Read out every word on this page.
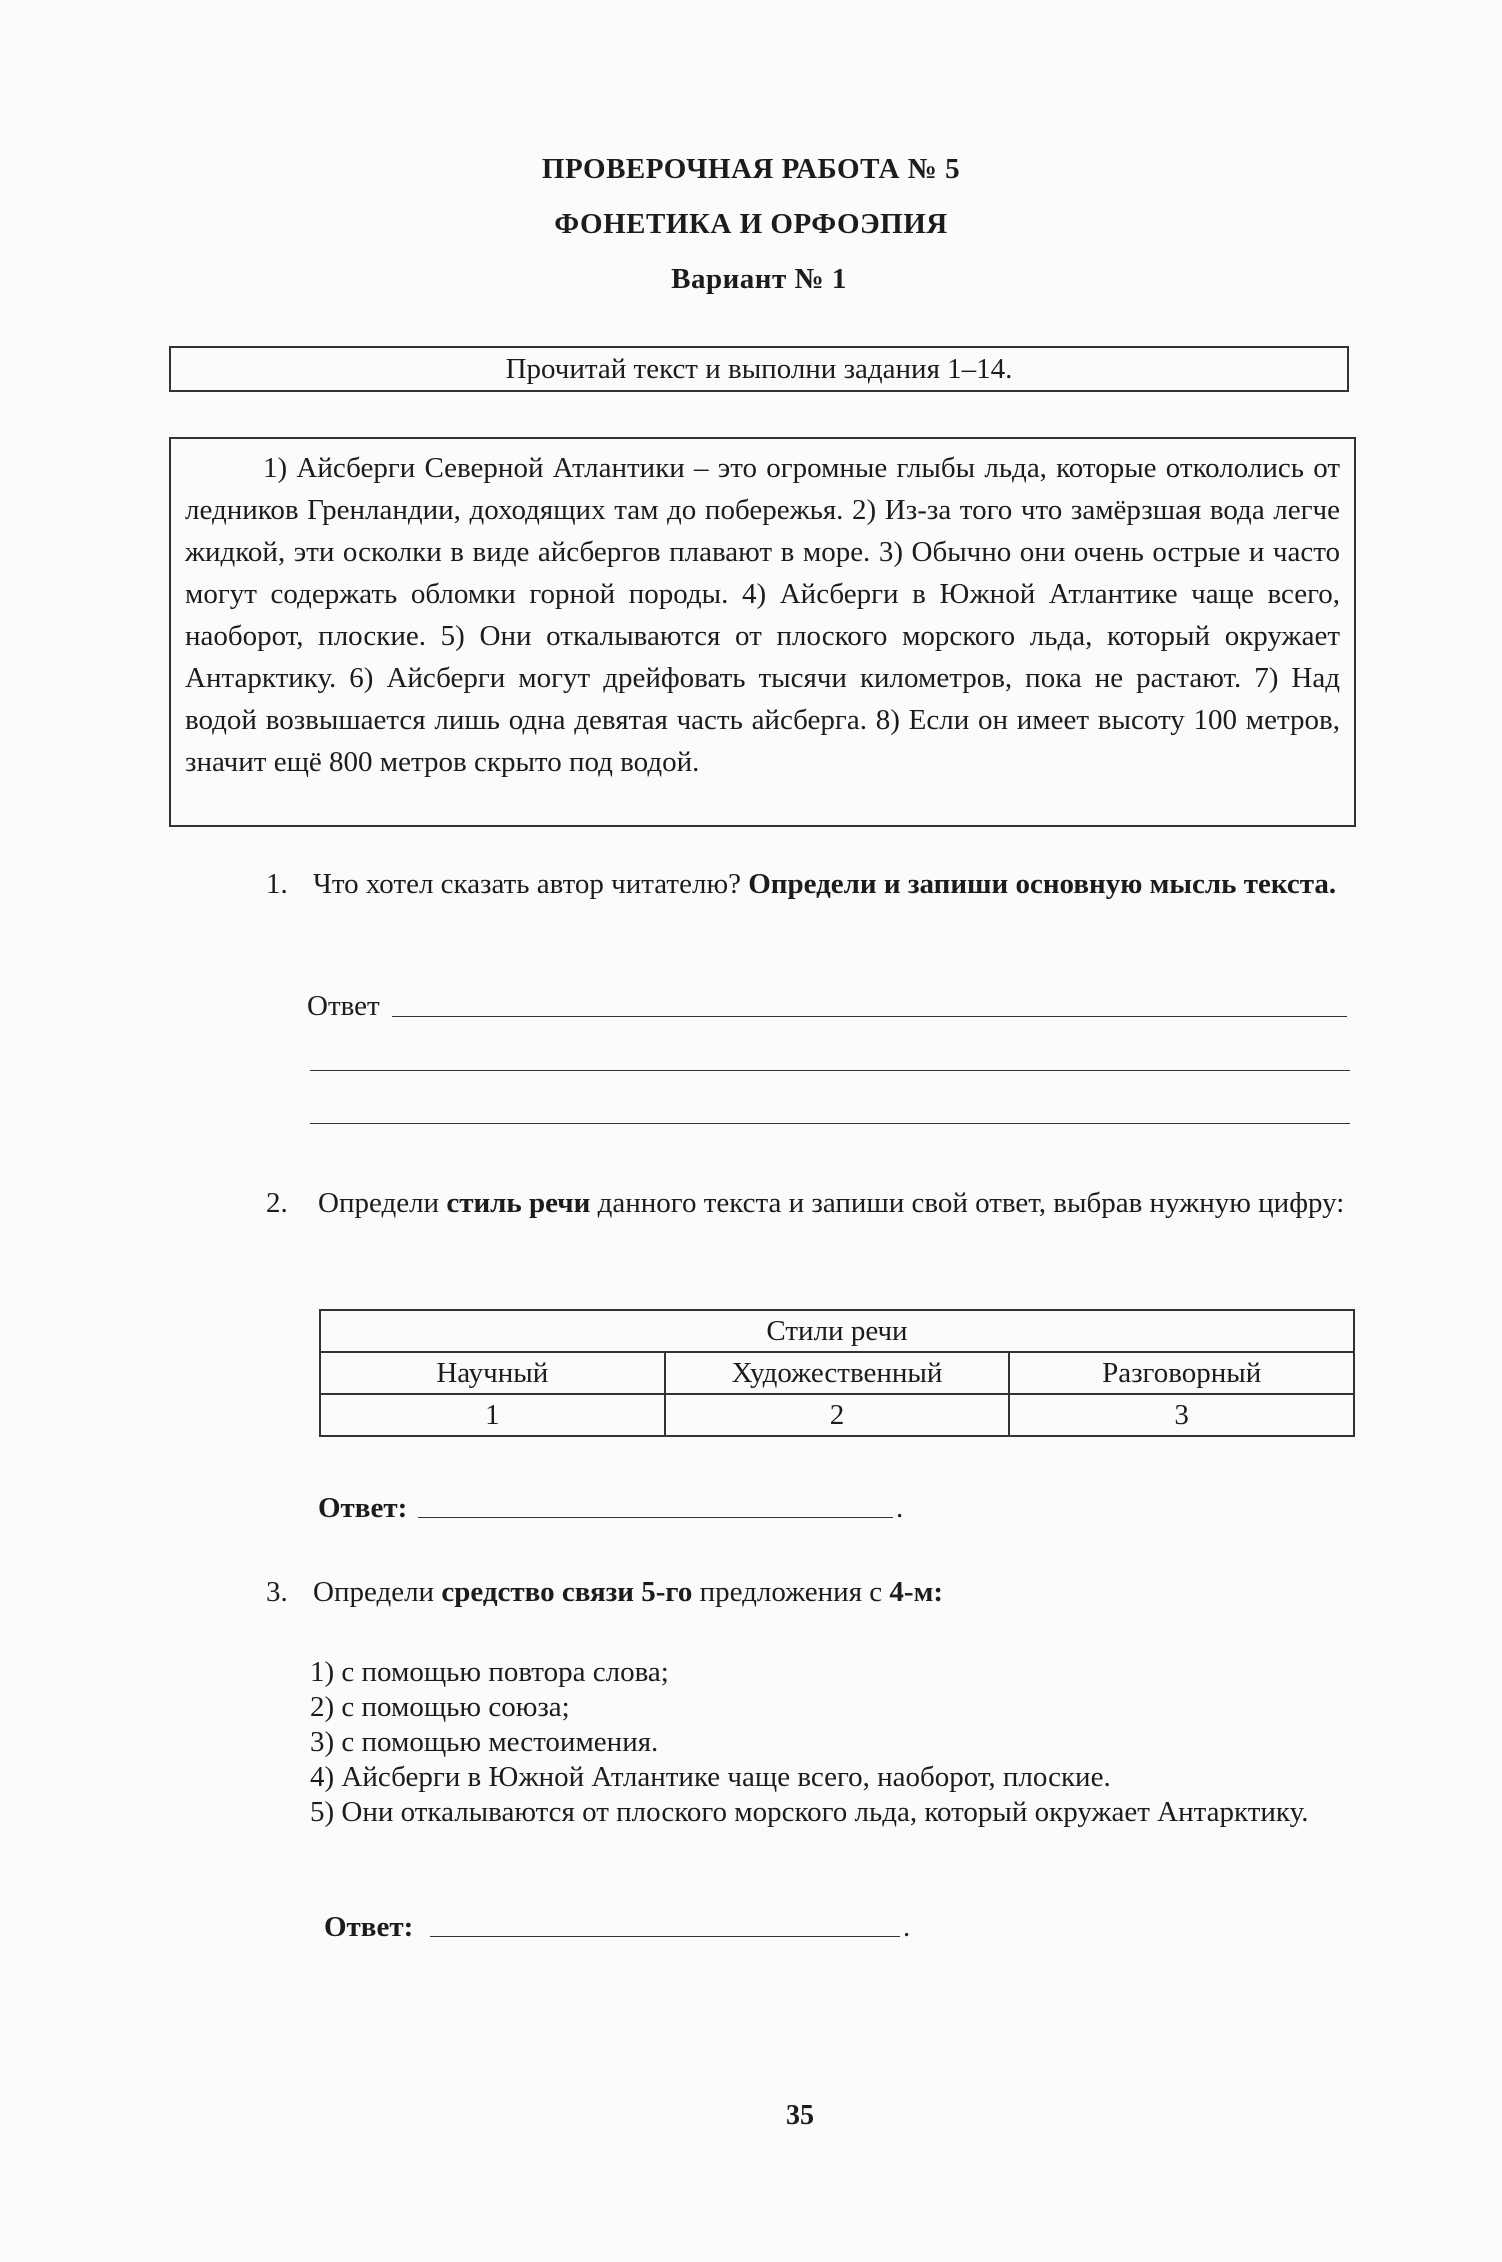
ПРОВЕРОЧНАЯ РАБОТА № 5
ФОНЕТИКА И ОРФОЭПИЯ
Вариант № 1
Прочитай текст и выполни задания 1–14.

1) Айсберги Северной Атлантики – это огромные глыбы льда, которые откололись от ледников Гренландии, доходящих там до побережья. 2) Из-за того что замёрзшая вода легче жидкой, эти осколки в виде айсбергов плавают в море. 3) Обычно они очень острые и часто могут содержать обломки горной породы. 4) Айсберги в Южной Атлантике чаще всего, наоборот, плоские. 5) Они откалываются от плоского морского льда, который окружает Антарктику. 6) Айсберги могут дрейфовать тысячи километров, пока не растают. 7) Над водой возвышается лишь одна девятая часть айсберга. 8) Если он имеет высоту 100 метров, значит ещё 800 метров скрыто под водой.

1. Что хотел сказать автор читателю? Определи и запиши основную мысль текста.
Ответ
2. Определи стиль речи данного текста и запиши свой ответ, выбрав нужную цифру:
Стили речи		
Научный	Художественный	Разговорный
1	2	3
Ответ:	.
3. Определи средство связи 5-го предложения с 4-м:
1) с помощью повтора слова;
2) с помощью союза;
3) с помощью местоимения.
4) Айсберги в Южной Атлантике чаще всего, наоборот, плоские.
5) Они откалываются от плоского морского льда, который окружает Антарктику.
Ответ:	.
35
